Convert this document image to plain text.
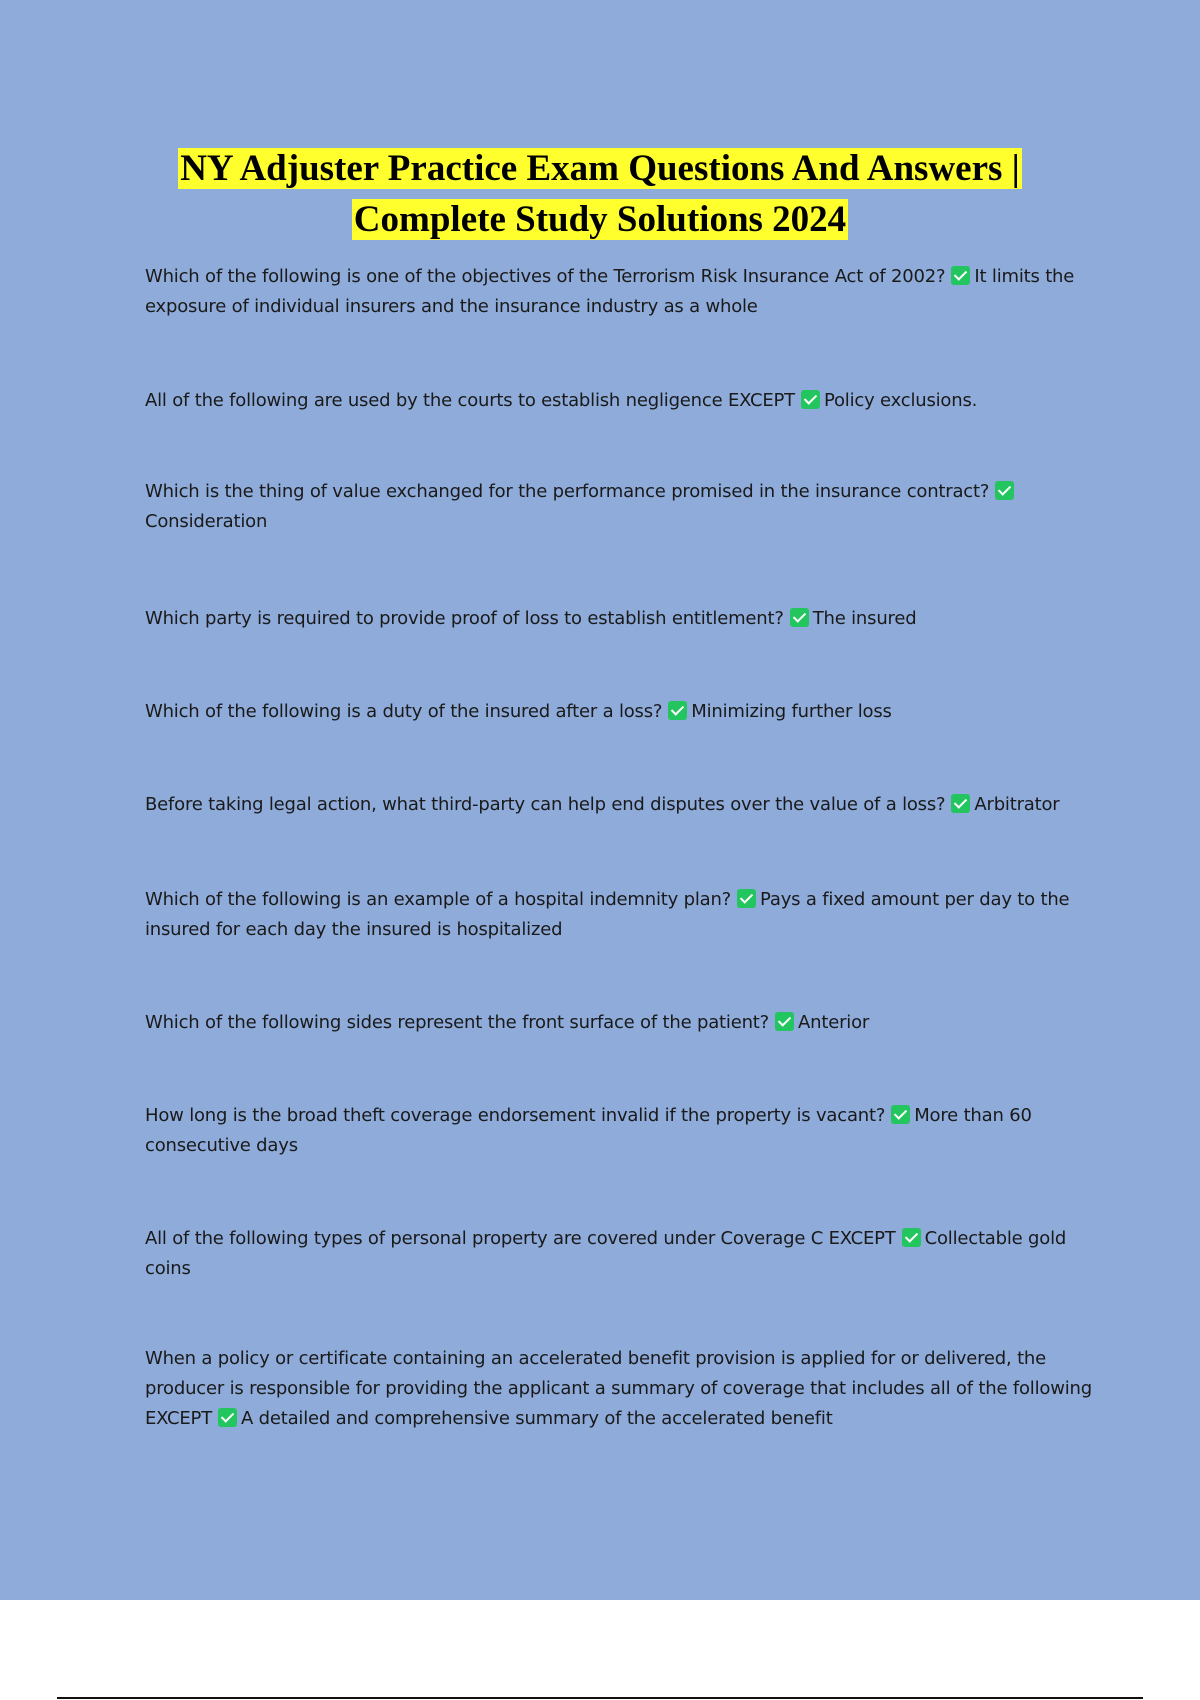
NY Adjuster Practice Exam Questions And Answers |
Complete Study Solutions 2024
Which of the following is one of the objectives of the Terrorism Risk Insurance Act of 2002? It limits the exposure of individual insurers and the insurance industry as a whole
All of the following are used by the courts to establish negligence EXCEPT Policy exclusions.
Which is the thing of value exchanged for the performance promised in the insurance contract?Consideration
Which party is required to provide proof of loss to establish entitlement? The insured
Which of the following is a duty of the insured after a loss? Minimizing further loss
Before taking legal action, what third-party can help end disputes over the value of a loss? Arbitrator
Which of the following is an example of a hospital indemnity plan? Pays a fixed amount per day to the insured for each day the insured is hospitalized
Which of the following sides represent the front surface of the patient? Anterior
How long is the broad theft coverage endorsement invalid if the property is vacant? More than 60 consecutive days
All of the following types of personal property are covered under Coverage C EXCEPT Collectable gold coins
When a policy or certificate containing an accelerated benefit provision is applied for or delivered, the producer is responsible for providing the applicant a summary of coverage that includes all of the following EXCEPT A detailed and comprehensive summary of the accelerated benefit
